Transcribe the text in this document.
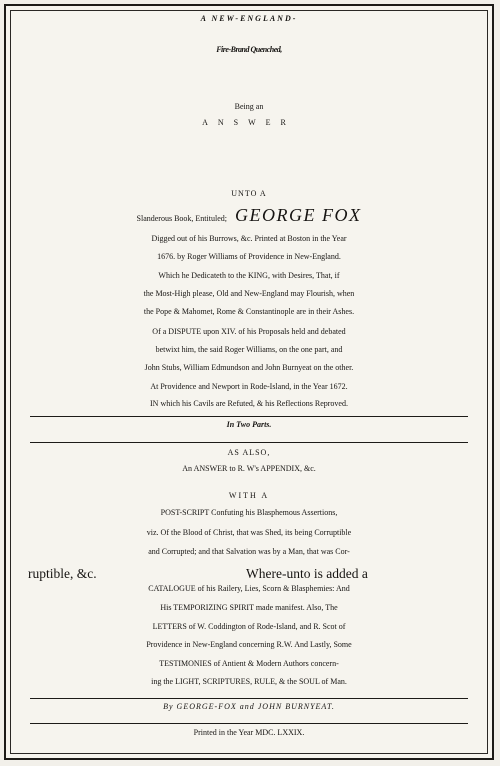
A NEW-ENGLAND-
Fire-Brand Quenched,
Being an
ANSWER
UNTO A
Slanderous Book, Entituled; GEORGE FOX
Digged out of his Burrows, &c. Printed at Boston in the Year
1676. by Roger Williams of Providence in New-England.
Which he Dedicateth to the KING, with Desires, That, if
the Most-High please, Old and New-England may Flourish, when
the Pope & Mahomet, Rome & Constantinople are in their Ashes.
Of a DISPUTE upon XIV. of his Proposals held and debated
betwixt him, the said Roger Williams, on the one part, and
John Stubs, William Edmundson and John Burnyeat on the other.
At Providence and Newport in Rode-Island, in the Year 1672.
IN which his Cavils are Refuted, & his Reflections Reproved.
In Two Parts.
AS ALSO,
An ANSWER to R. W's APPENDIX, &c.
WITH A
POST-SCRIPT Confuting his Blasphemous Assertions,
viz. Of the Blood of Christ, that was Shed, its being Corruptible
and Corrupted; and that Salvation was by a Man, that was Cor-
ruptible, &c.	Where-unto is added a
CATALOGUE of his Railery, Lies, Scorn & Blasphemies: And
His TEMPORIZING SPIRIT made manifest. Also, The
LETTERS of W. Coddington of Rode-Island, and R. Scot of
Providence in New-England concerning R.W. And Lastly, Some
TESTIMONIES of Antient & Modern Authors concern-
ing the LIGHT, SCRIPTURES, RULE, & the SOUL of Man.
By GEORGE-FOX and JOHN BURNYEAT.
Printed in the Year MDC. LXXIX.
